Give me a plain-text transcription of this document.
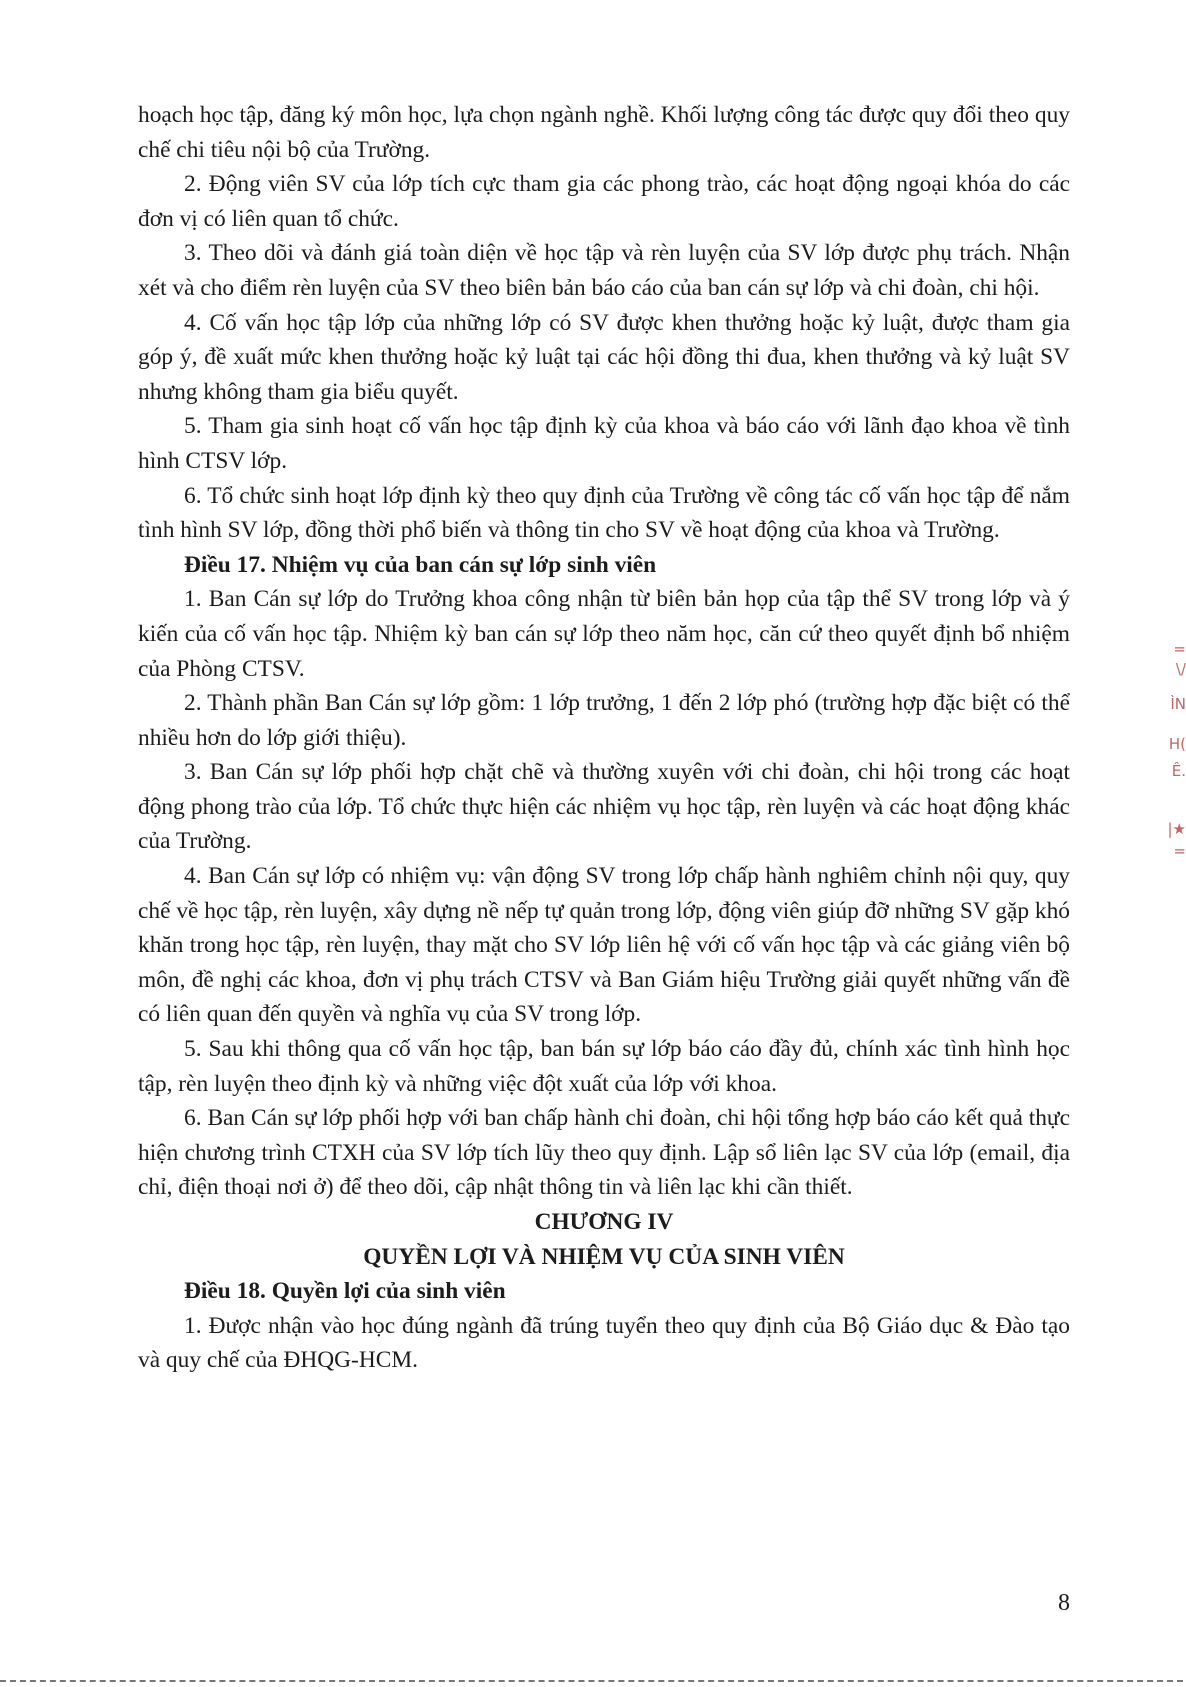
hoạch học tập, đăng ký môn học, lựa chọn ngành nghề. Khối lượng công tác được quy đổi theo quy chế chi tiêu nội bộ của Trường.

2. Động viên SV của lớp tích cực tham gia các phong trào, các hoạt động ngoại khóa do các đơn vị có liên quan tổ chức.

3. Theo dõi và đánh giá toàn diện về học tập và rèn luyện của SV lớp được phụ trách. Nhận xét và cho điểm rèn luyện của SV theo biên bản báo cáo của ban cán sự lớp và chi đoàn, chi hội.

4. Cố vấn học tập lớp của những lớp có SV được khen thưởng hoặc kỷ luật, được tham gia góp ý, đề xuất mức khen thưởng hoặc kỷ luật tại các hội đồng thi đua, khen thưởng và kỷ luật SV nhưng không tham gia biểu quyết.

5. Tham gia sinh hoạt cố vấn học tập định kỳ của khoa và báo cáo với lãnh đạo khoa về tình hình CTSV lớp.

6. Tổ chức sinh hoạt lớp định kỳ theo quy định của Trường về công tác cố vấn học tập để nắm tình hình SV lớp, đồng thời phổ biến và thông tin cho SV về hoạt động của khoa và Trường.

Điều 17. Nhiệm vụ của ban cán sự lớp sinh viên

1. Ban Cán sự lớp do Trưởng khoa công nhận từ biên bản họp của tập thể SV trong lớp và ý kiến của cố vấn học tập. Nhiệm kỳ ban cán sự lớp theo năm học, căn cứ theo quyết định bổ nhiệm của Phòng CTSV.

2. Thành phần Ban Cán sự lớp gồm: 1 lớp trưởng, 1 đến 2 lớp phó (trường hợp đặc biệt có thể nhiều hơn do lớp giới thiệu).

3. Ban Cán sự lớp phối hợp chặt chẽ và thường xuyên với chi đoàn, chi hội trong các hoạt động phong trào của lớp. Tổ chức thực hiện các nhiệm vụ học tập, rèn luyện và các hoạt động khác của Trường.

4. Ban Cán sự lớp có nhiệm vụ: vận động SV trong lớp chấp hành nghiêm chỉnh nội quy, quy chế về học tập, rèn luyện, xây dựng nề nếp tự quản trong lớp, động viên giúp đỡ những SV gặp khó khăn trong học tập, rèn luyện, thay mặt cho SV lớp liên hệ với cố vấn học tập và các giảng viên bộ môn, đề nghị các khoa, đơn vị phụ trách CTSV và Ban Giám hiệu Trường giải quyết những vấn đề có liên quan đến quyền và nghĩa vụ của SV trong lớp.

5. Sau khi thông qua cố vấn học tập, ban bán sự lớp báo cáo đầy đủ, chính xác tình hình học tập, rèn luyện theo định kỳ và những việc đột xuất của lớp với khoa.

6. Ban Cán sự lớp phối hợp với ban chấp hành chi đoàn, chi hội tổng hợp báo cáo kết quả thực hiện chương trình CTXH của SV lớp tích lũy theo quy định. Lập sổ liên lạc SV của lớp (email, địa chỉ, điện thoại nơi ở) để theo dõi, cập nhật thông tin và liên lạc khi cần thiết.

CHƯƠNG IV

QUYỀN LỢI VÀ NHIỆM VỤ CỦA SINH VIÊN

Điều 18. Quyền lợi của sinh viên

1. Được nhận vào học đúng ngành đã trúng tuyển theo quy định của Bộ Giáo dục & Đào tạo và quy chế của ĐHQG-HCM.

8
=
\/
ÌN
H(
Ê.
|★
=
